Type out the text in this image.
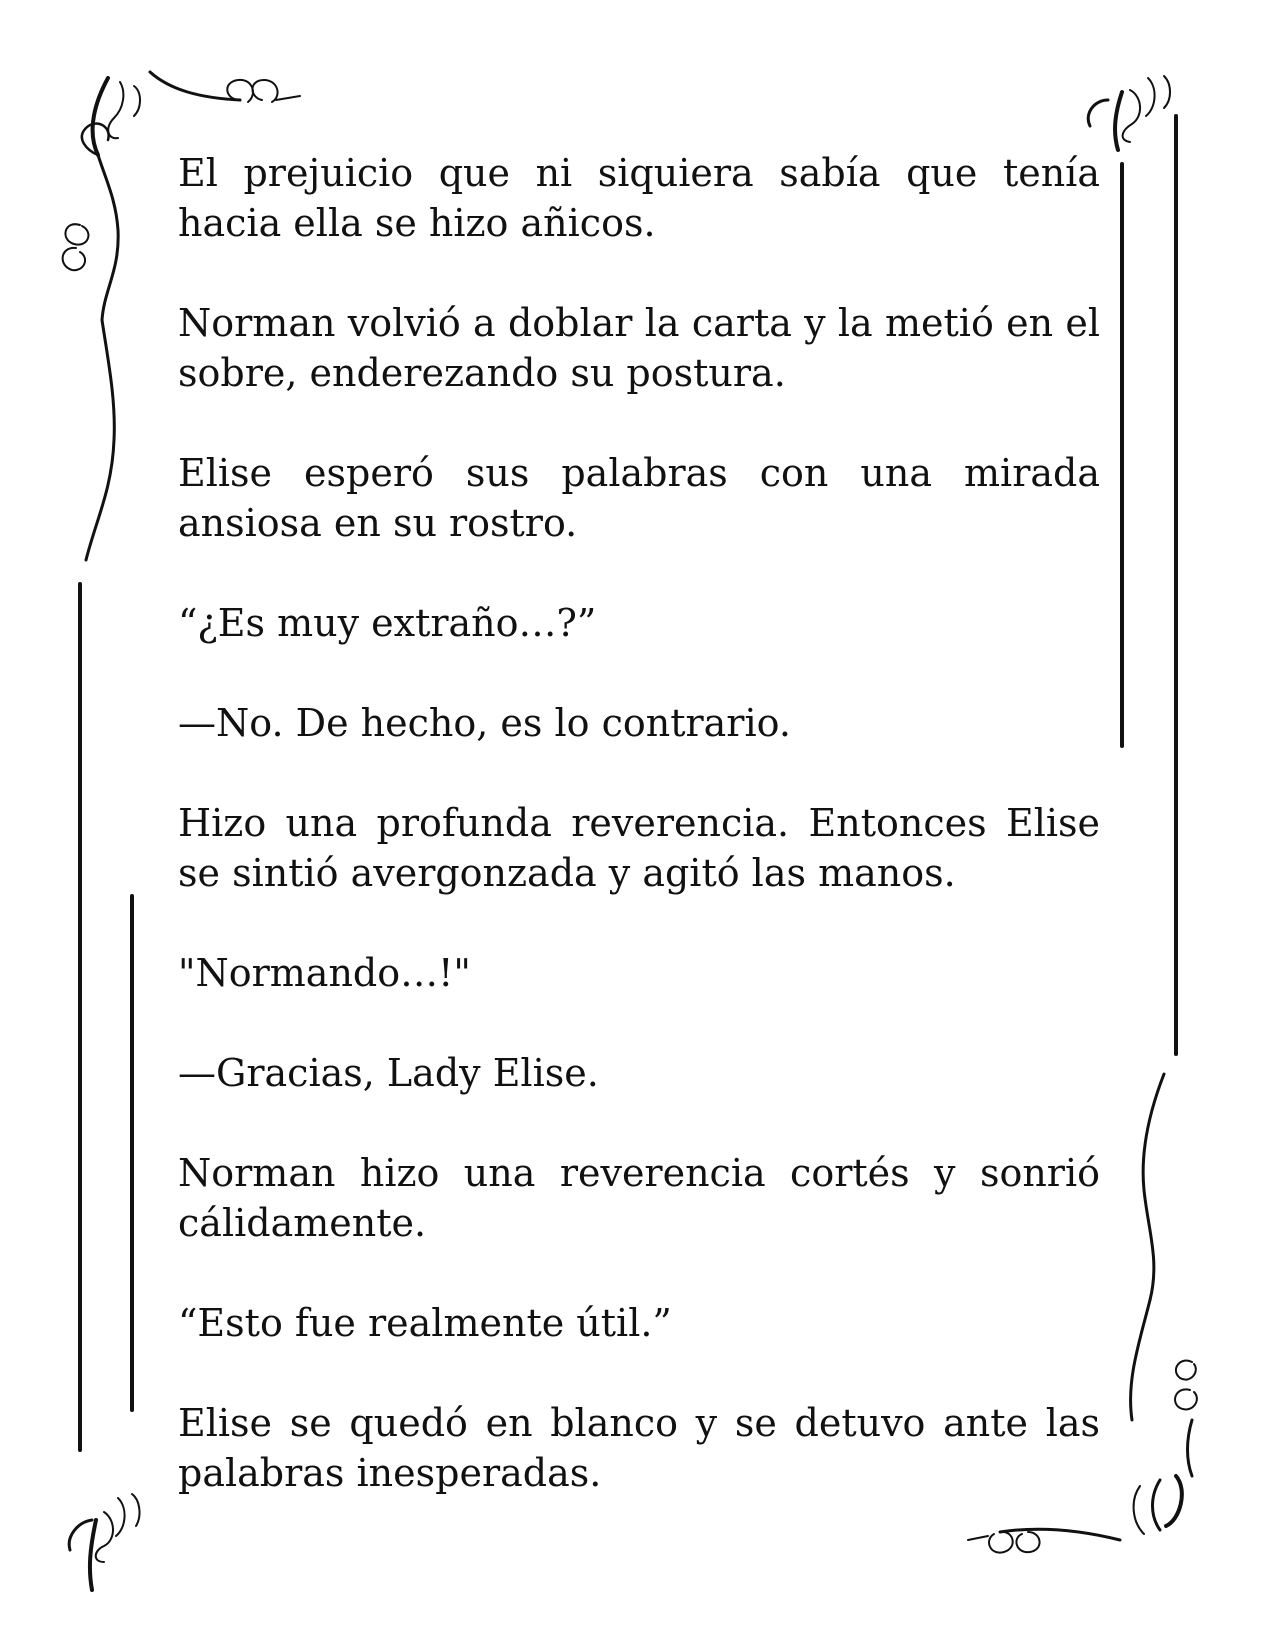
El prejuicio que ni siquiera sabía que tenía hacia ella se hizo añicos.

Norman volvió a doblar la carta y la metió en el sobre, enderezando su postura.

Elise esperó sus palabras con una mirada ansiosa en su rostro.

“¿Es muy extraño…?”

—No. De hecho, es lo contrario.

Hizo una profunda reverencia. Entonces Elise se sintió avergonzada y agitó las manos.

"Normando…!"

—Gracias, Lady Elise.

Norman hizo una reverencia cortés y sonrió cálidamente.

“Esto fue realmente útil.”

Elise se quedó en blanco y se detuvo ante las palabras inesperadas.
